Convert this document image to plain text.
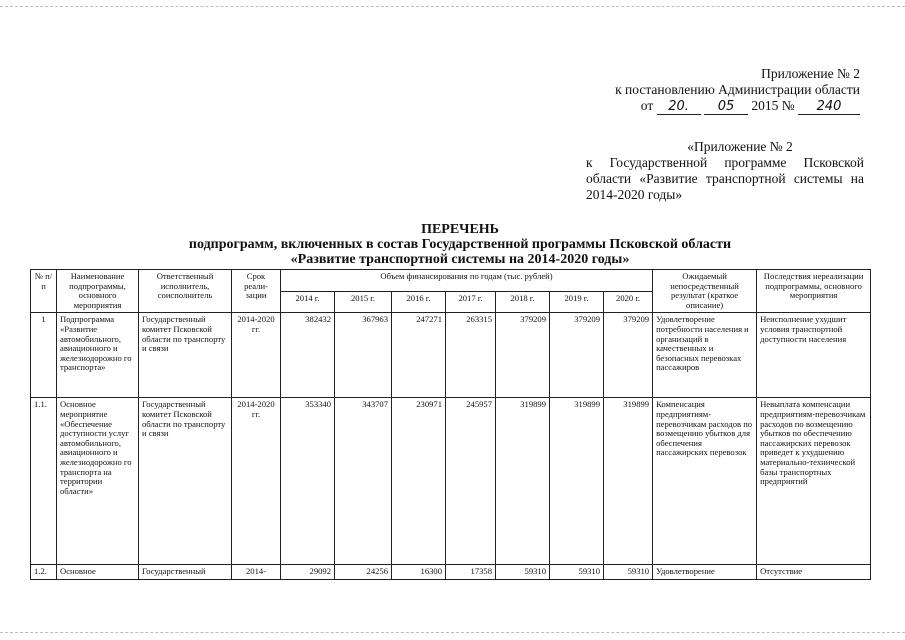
Приложение № 2
к постановлению Администрации области
от 20. 05 2015 № 240
«Приложение № 2
к Государственной программе Псковской области «Развитие транспортной системы на 2014-2020 годы»
ПЕРЕЧЕНЬ
подпрограмм, включенных в состав Государственной программы Псковской области
«Развитие транспортной системы на 2014-2020 годы»
№ п/п	Наименование подпрограммы, основного мероприятия	Ответственный исполнитель, соисполнитель	Срок реали-зации	Объем финансирования по годам (тыс. рублей)							Ожидаемый непосредственный результат (краткое описание)	Последствия нереализации подпрограммы, основного мероприятия
				2014 г.	2015 г.	2016 г.	2017 г.	2018 г.	2019 г.	2020 г.		
1	Подпрограмма «Развитие автомобильного, авиационного и железнодорожно го транспорта»	Государственный комитет Псковской области по транспорту и связи	2014-2020 гг.	382432	367963	247271	263315	379209	379209	379209	Удовлетворение потребности населения и организаций в качественных и безопасных перевозках пассажиров	Неисполнение ухудшит условия транспортной доступности населения
1.1.	Основное мероприятие «Обеспечение доступности услуг автомобильного, авиационного и железнодорожно го транспорта на территории области»	Государственный комитет Псковской области по транспорту и связи	2014-2020 гг.	353340	343707	230971	245957	319899	319899	319899	Компенсация предприятиям-перевозчикам расходов по возмещению убытков для обеспечения пассажирских перевозок	Невыплата компенсации предприятиям-перевозчикам расходов по возмещению убытков по обеспечению пассажирских перевозок приведет к ухудшению материально-технической базы транспортных предприятий
1.2.	Основное	Государственный	2014-	29092	24256	16300	17358	59310	59310	59310	Удовлетворение	Отсутствие
